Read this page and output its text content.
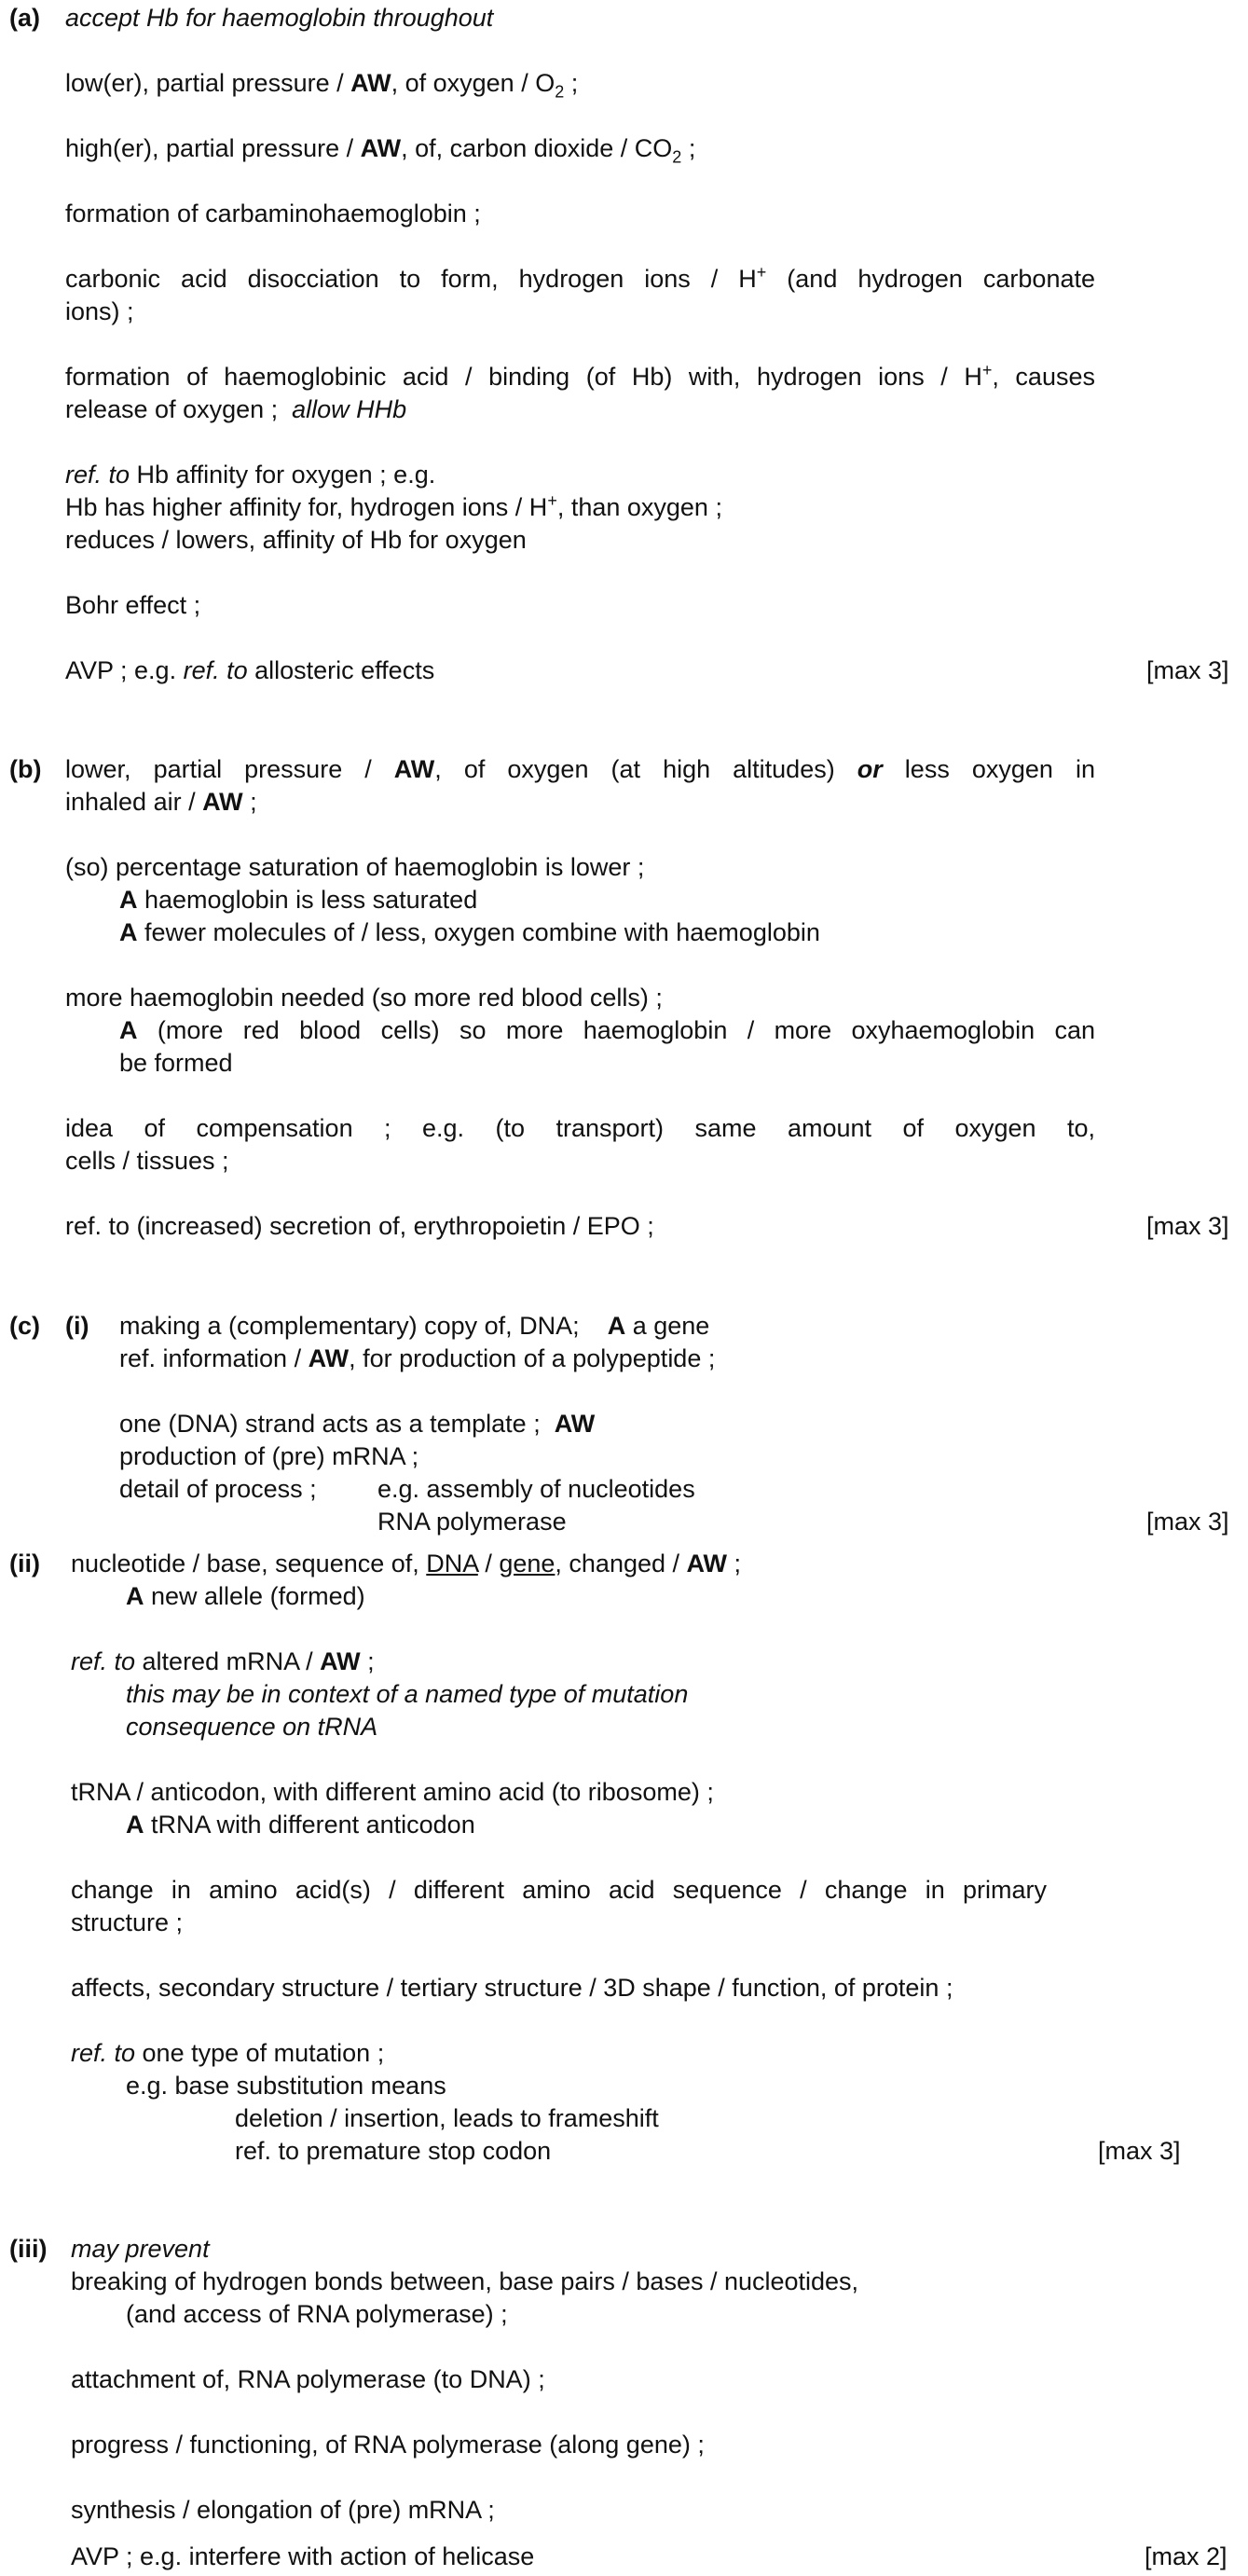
(a) accept Hb for haemoglobin throughout
low(er), partial pressure / AW, of oxygen / $O_2$ ;
high(er), partial pressure / AW, of, carbon dioxide / $CO_2$ ;
formation of carbaminohaemoglobin ;
carbonic acid disocciation to form, hydrogen ions / H+ (and hydrogen carbonate
ions) ;
formation of haemoglobinic acid / binding (of Hb) with, hydrogen ions / H+, causes
release of oxygen ;  allow HHb
ref. to Hb affinity for oxygen ; e.g.
Hb has higher affinity for, hydrogen ions / H+, than oxygen ;
reduces / lowers, affinity of Hb for oxygen
Bohr effect ;
AVP ; e.g. ref. to allosteric effects	[max 3]
(b) lower, partial pressure / AW, of oxygen (at high altitudes) or less oxygen in
inhaled air / AW ;
(so) percentage saturation of haemoglobin is lower ;
A haemoglobin is less saturated
A fewer molecules of / less, oxygen combine with haemoglobin
more haemoglobin needed (so more red blood cells) ;
A (more red blood cells) so more haemoglobin / more oxyhaemoglobin can
be formed
idea of compensation ; e.g. (to transport) same amount of oxygen to,
cells / tissues ;
ref. to (increased) secretion of, erythropoietin / EPO ;	[max 3]
(c) (i) making a (complementary) copy of, DNA;    A a gene
ref. information / AW, for production of a polypeptide ;
one (DNA) strand acts as a template ;  AW
production of (pre) mRNA ;
detail of process ; e.g. assembly of nucleotides
RNA polymerase	[max 3]
(ii) nucleotide / base, sequence of, DNA / gene, changed / AW ;
A new allele (formed)
ref. to altered mRNA / AW ;
this may be in context of a named type of mutation
consequence on tRNA
tRNA / anticodon, with different amino acid (to ribosome) ;
A tRNA with different anticodon
change in amino acid(s) / different amino acid sequence / change in primary
structure ;
affects, secondary structure / tertiary structure / 3D shape / function, of protein ;
ref. to one type of mutation ;
e.g. base substitution means
deletion / insertion, leads to frameshift
ref. to premature stop codon	[max 3]
(iii) may prevent
breaking of hydrogen bonds between, base pairs / bases / nucleotides,
(and access of RNA polymerase) ;
attachment of, RNA polymerase (to DNA) ;
progress / functioning, of RNA polymerase (along gene) ;
synthesis / elongation of (pre) mRNA ;
AVP ; e.g. interfere with action of helicase	[max 2]
